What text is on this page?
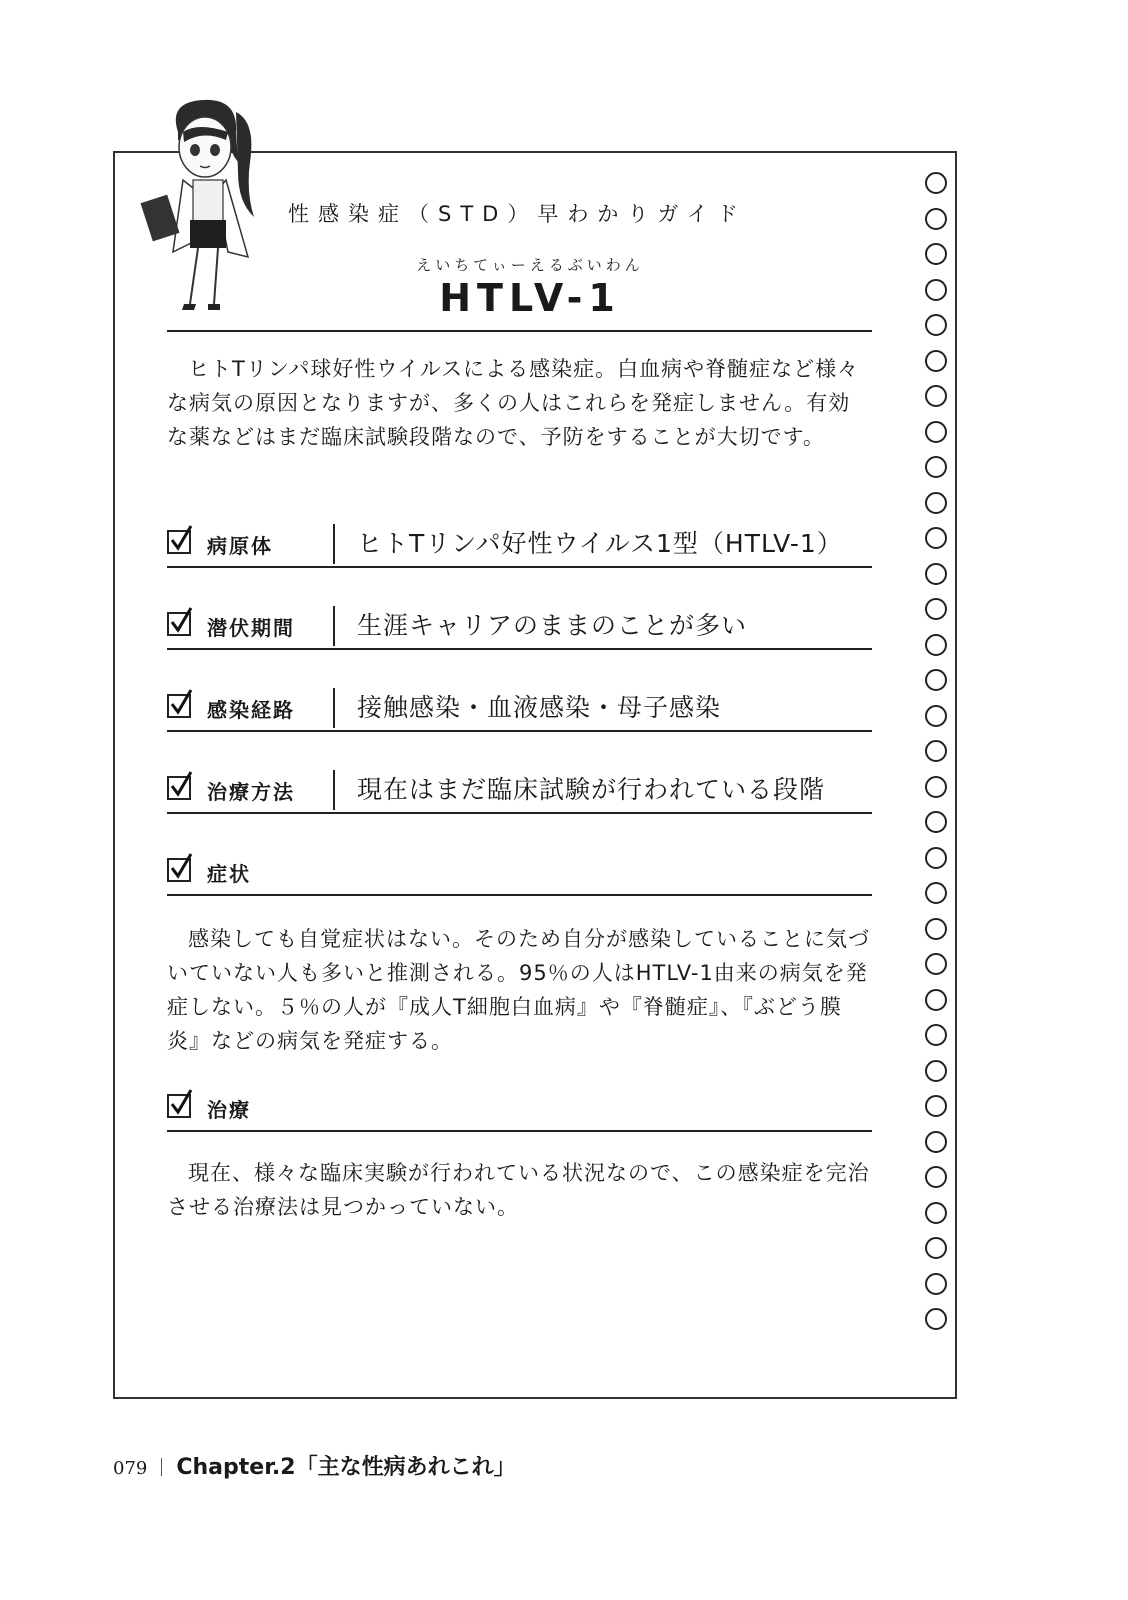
性感染症（STD）早わかりガイド
えいちてぃーえるぶいわん
HTLV-1

ヒトTリンパ球好性ウイルスによる感染症。白血病や脊髄症など様々な病気の原因となりますが、多くの人はこれらを発症しません。有効な薬などはまだ臨床試験段階なので、予防をすることが大切です。

病原体	ヒトTリンパ好性ウイルス1型（HTLV-1）
潜伏期間 生涯キャリアのままのことが多い
感染経路 接触感染・血液感染・母子感染
治療方法 現在はまだ臨床試験が行われている段階
症状

感染しても自覚症状はない。そのため自分が感染していることに気づいていない人も多いと推測される。95％の人はHTLV-1由来の病気を発症しない。５％の人が『成人T細胞白血病』や『脊髄症』、『ぶどう膜炎』などの病気を発症する。

治療

現在、様々な臨床実験が行われている状況なので、この感染症を完治させる治療法は見つかっていない。

079 Chapter.2「主な性病あれこれ」
